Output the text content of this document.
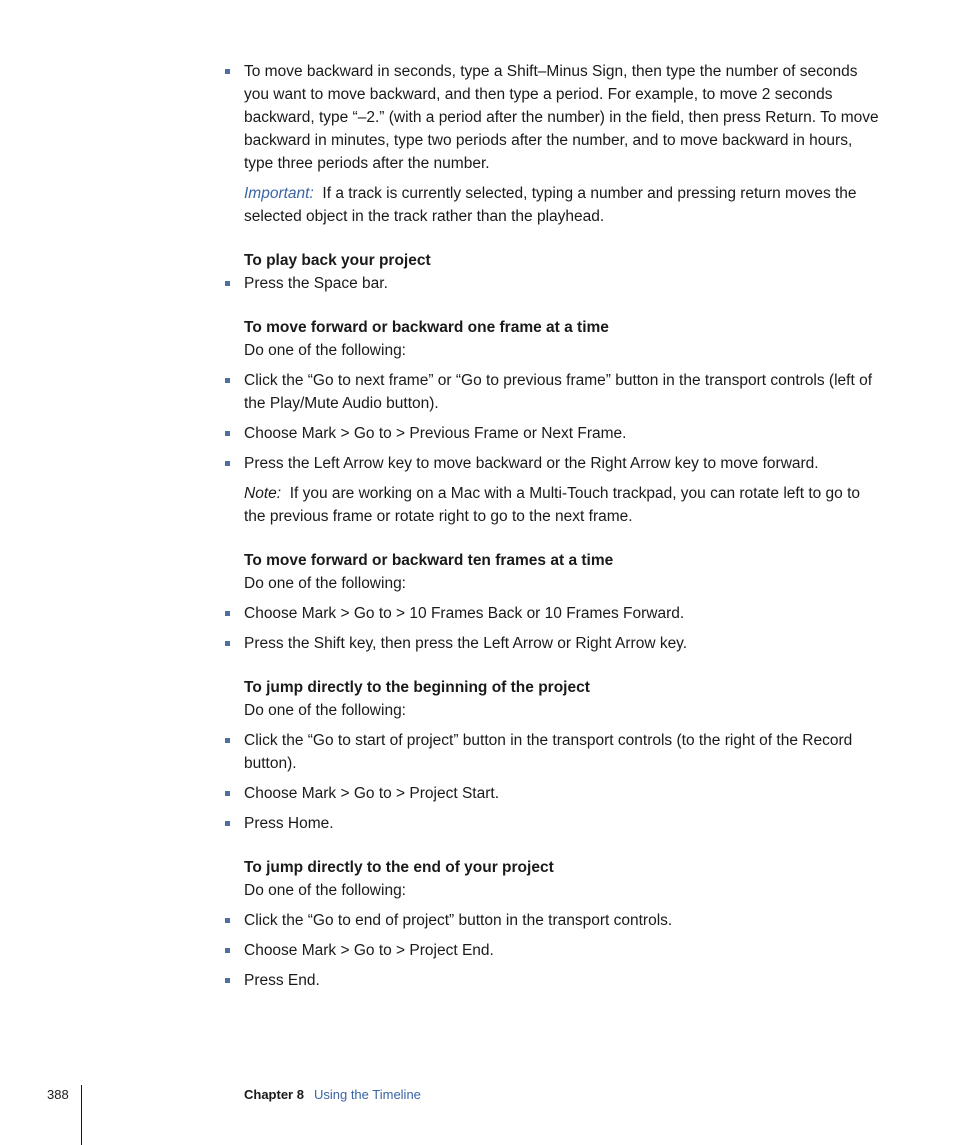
To move backward in seconds, type a Shift–Minus Sign, then type the number of seconds you want to move backward, and then type a period. For example, to move 2 seconds backward, type “–2.” (with a period after the number) in the field, then press Return. To move backward in minutes, type two periods after the number, and to move backward in hours, type three periods after the number.

Important: If a track is currently selected, typing a number and pressing return moves the selected object in the track rather than the playhead.

To play back your project

Press the Space bar.

To move forward or backward one frame at a time

Do one of the following:

Click the “Go to next frame” or “Go to previous frame” button in the transport controls (left of the Play/Mute Audio button).

Choose Mark > Go to > Previous Frame or Next Frame.

Press the Left Arrow key to move backward or the Right Arrow key to move forward.

Note: If you are working on a Mac with a Multi-Touch trackpad, you can rotate left to go to the previous frame or rotate right to go to the next frame.

To move forward or backward ten frames at a time

Do one of the following:

Choose Mark > Go to > 10 Frames Back or 10 Frames Forward.

Press the Shift key, then press the Left Arrow or Right Arrow key.

To jump directly to the beginning of the project

Do one of the following:

Click the “Go to start of project” button in the transport controls (to the right of the Record button).

Choose Mark > Go to > Project Start.

Press Home.

To jump directly to the end of your project

Do one of the following:

Click the “Go to end of project” button in the transport controls.

Choose Mark > Go to > Project End.

Press End.

388	Chapter 8 Using the Timeline
